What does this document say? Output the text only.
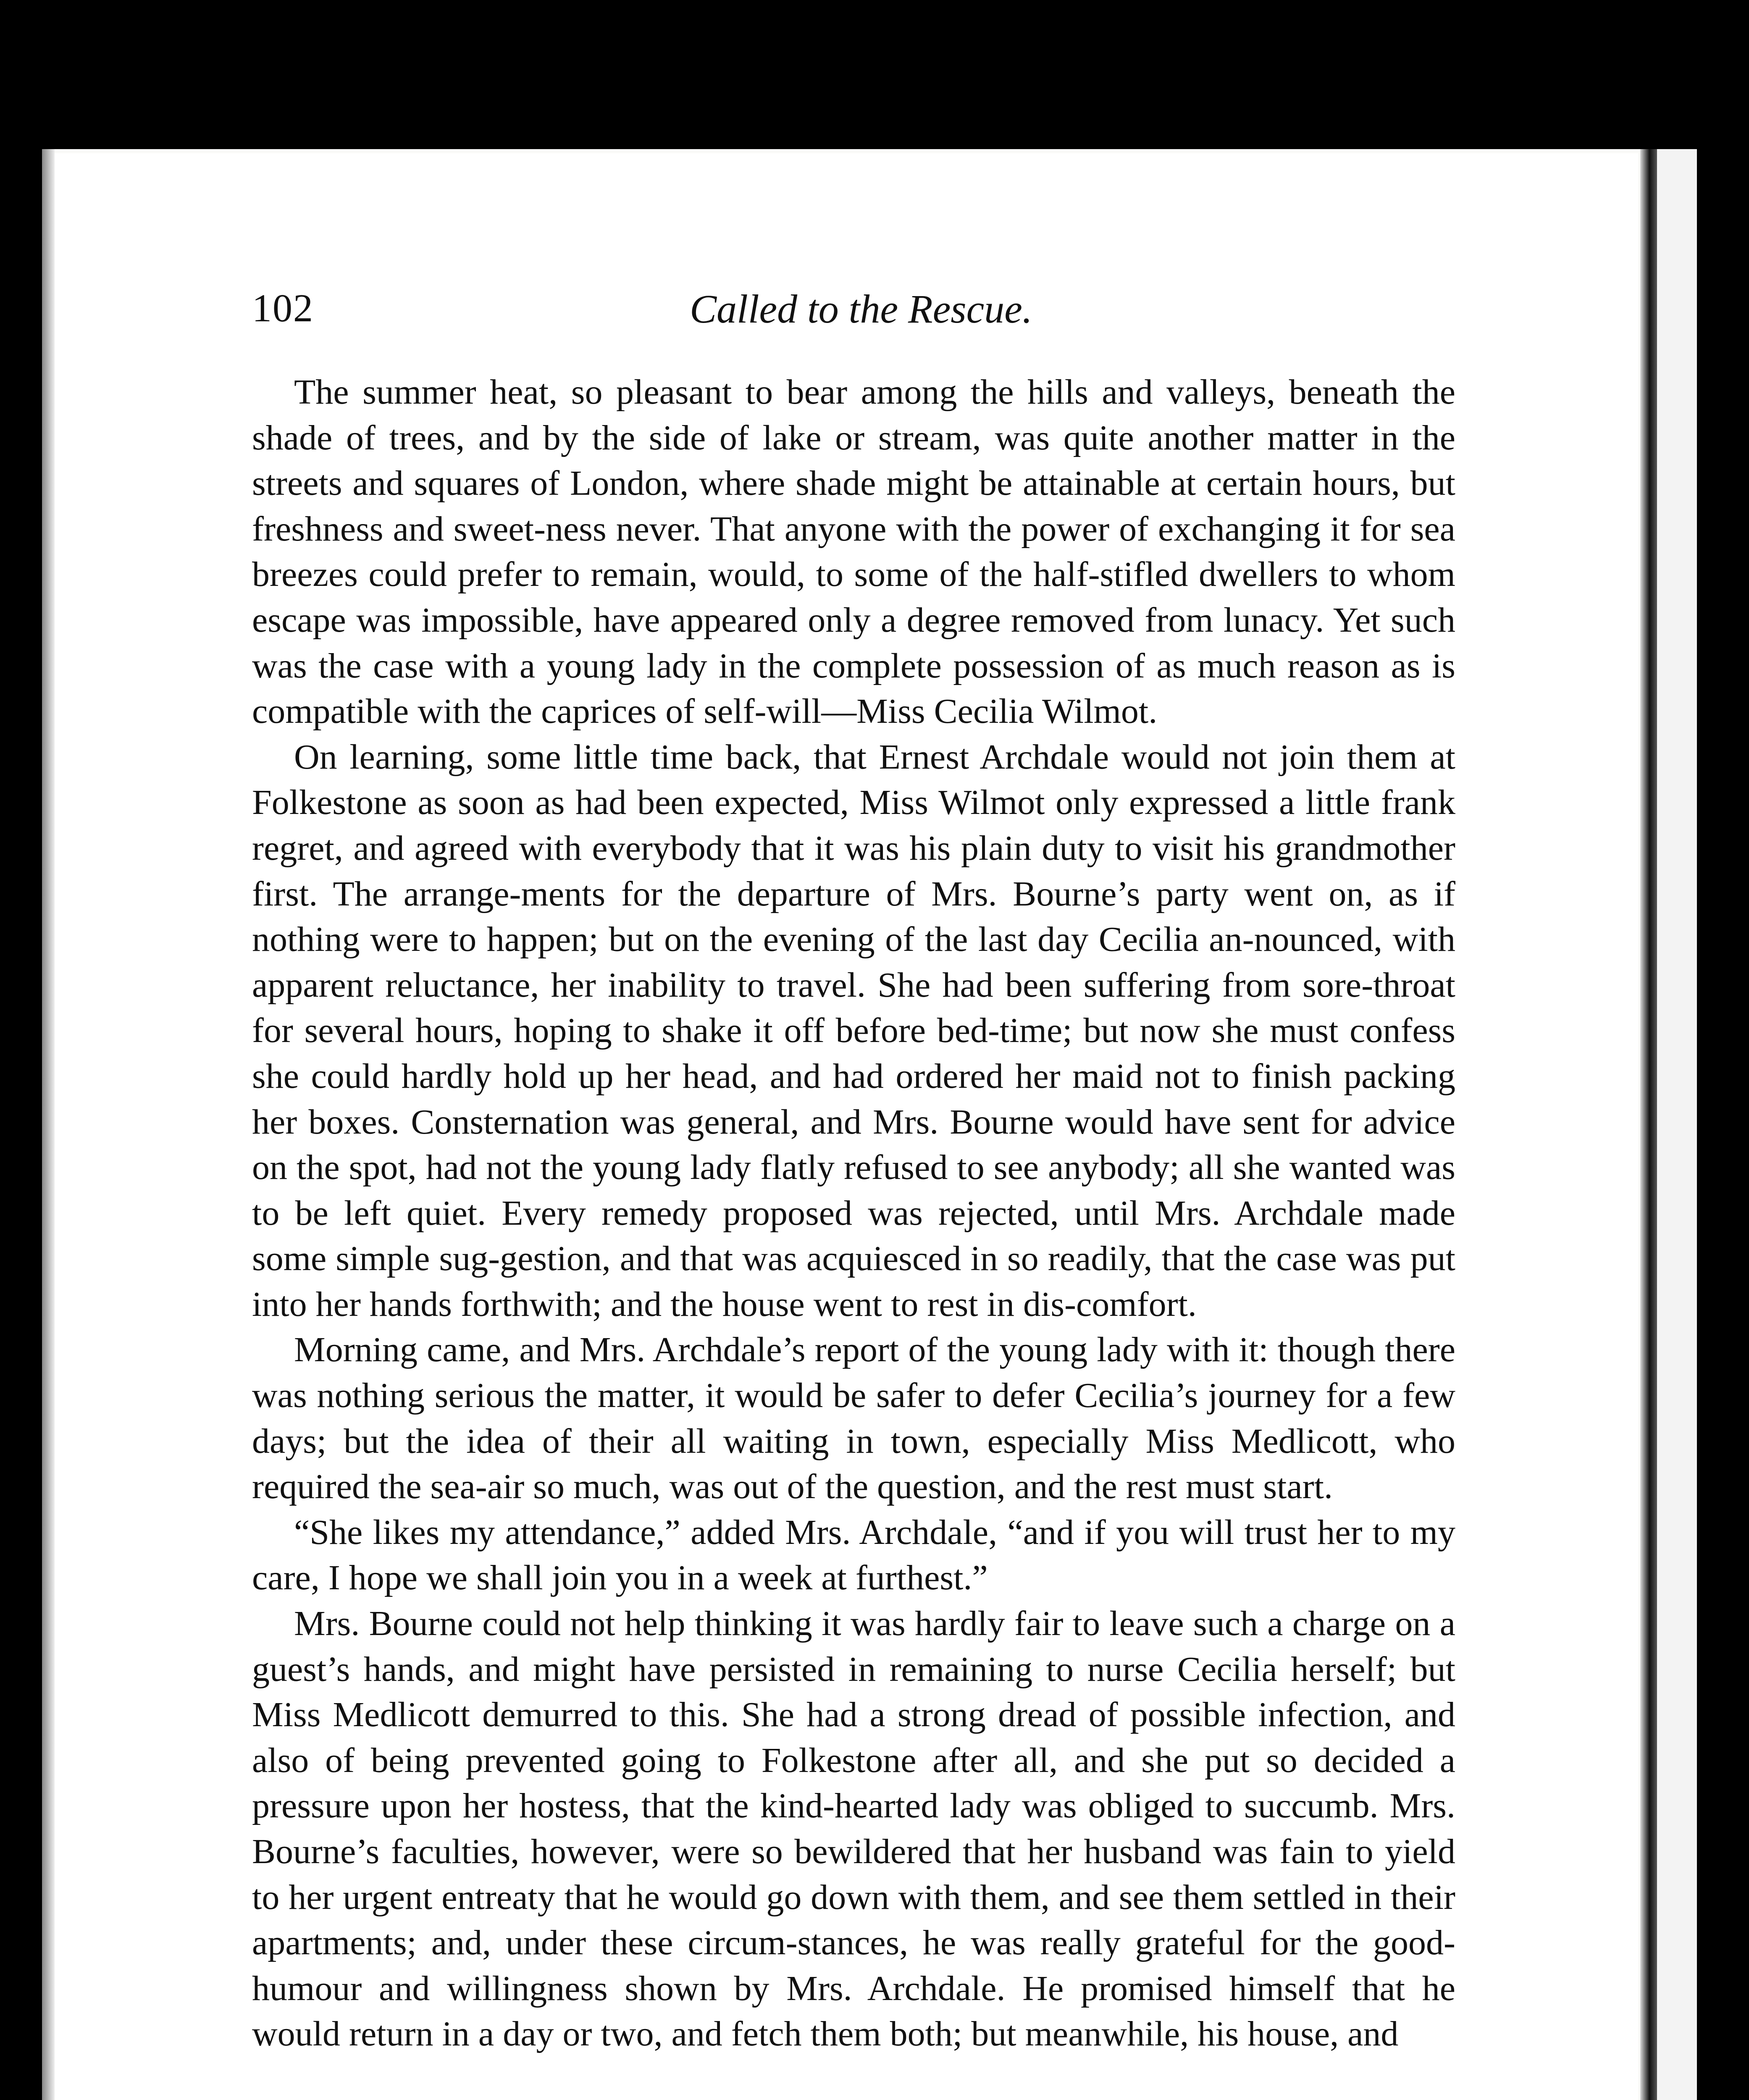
102	Called to the Rescue.

The summer heat, so pleasant to bear among the hills and valleys, beneath the shade of trees, and by the side of lake or stream, was quite another matter in the streets and squares of London, where shade might be attainable at certain hours, but freshness and sweet-ness never. That anyone with the power of exchanging it for sea breezes could prefer to remain, would, to some of the half-stifled dwellers to whom escape was impossible, have appeared only a degree removed from lunacy. Yet such was the case with a young lady in the complete possession of as much reason as is compatible with the caprices of self-will—Miss Cecilia Wilmot.

On learning, some little time back, that Ernest Archdale would not join them at Folkestone as soon as had been expected, Miss Wilmot only expressed a little frank regret, and agreed with everybody that it was his plain duty to visit his grandmother first. The arrange-ments for the departure of Mrs. Bourne’s party went on, as if nothing were to happen; but on the evening of the last day Cecilia an-nounced, with apparent reluctance, her inability to travel. She had been suffering from sore-throat for several hours, hoping to shake it off before bed-time; but now she must confess she could hardly hold up her head, and had ordered her maid not to finish packing her boxes. Consternation was general, and Mrs. Bourne would have sent for advice on the spot, had not the young lady flatly refused to see anybody; all she wanted was to be left quiet. Every remedy proposed was rejected, until Mrs. Archdale made some simple sug-gestion, and that was acquiesced in so readily, that the case was put into her hands forthwith; and the house went to rest in dis-comfort.

Morning came, and Mrs. Archdale’s report of the young lady with it: though there was nothing serious the matter, it would be safer to defer Cecilia’s journey for a few days; but the idea of their all waiting in town, especially Miss Medlicott, who required the sea-air so much, was out of the question, and the rest must start.

“She likes my attendance,” added Mrs. Archdale, “and if you will trust her to my care, I hope we shall join you in a week at furthest.”

Mrs. Bourne could not help thinking it was hardly fair to leave such a charge on a guest’s hands, and might have persisted in remaining to nurse Cecilia herself; but Miss Medlicott demurred to this. She had a strong dread of possible infection, and also of being prevented going to Folkestone after all, and she put so decided a pressure upon her hostess, that the kind-hearted lady was obliged to succumb. Mrs. Bourne’s faculties, however, were so bewildered that her husband was fain to yield to her urgent entreaty that he would go down with them, and see them settled in their apartments; and, under these circum-stances, he was really grateful for the good-humour and willingness shown by Mrs. Archdale. He promised himself that he would return in a day or two, and fetch them both; but meanwhile, his house, and
